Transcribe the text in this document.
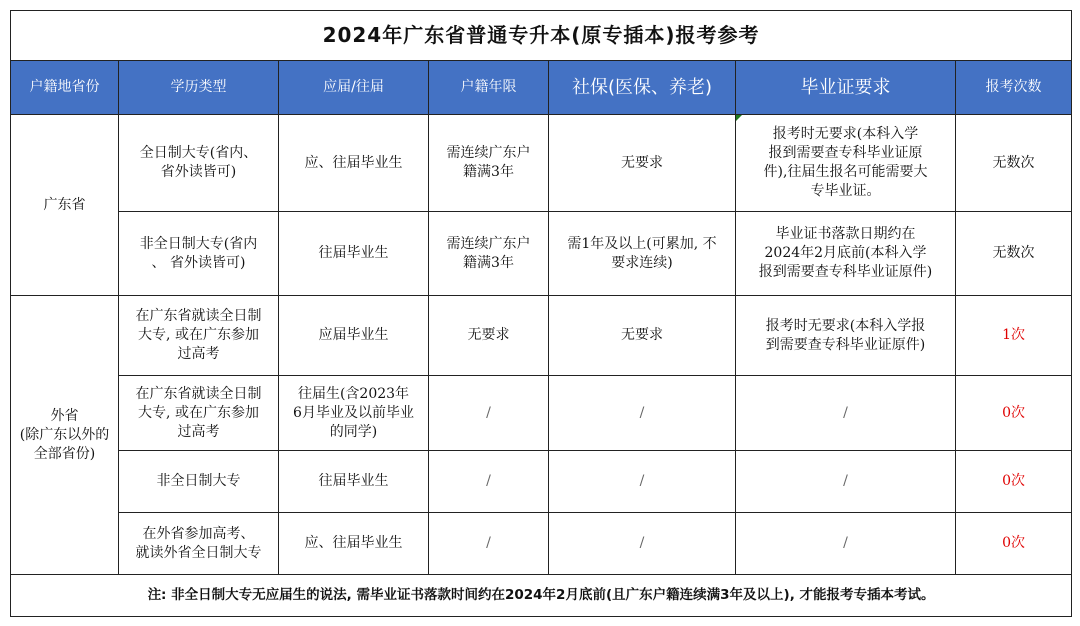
2024年广东省普通专升本(原专插本)报考参考						
户籍地省份	学历类型	应届/往届	户籍年限	社保(医保、养老)	毕业证要求	报考次数
广东省	全日制大专(省内、
省外读皆可)	应、往届毕业生	需连续广东户
籍满3年	无要求	报考时无要求(本科入学
报到需要查专科毕业证原
件),往届生报名可能需要大
专毕业证。	无数次
	非全日制大专(省内
、 省外读皆可)	往届毕业生	需连续广东户
籍满3年	需1年及以上(可累加, 不
要求连续)	毕业证书落款日期约在
2024年2月底前(本科入学
报到需要查专科毕业证原件)	无数次
外省
(除广东以外的全部省份)	在广东省就读全日制
大专, 或在广东参加
过高考	应届毕业生	无要求	无要求	报考时无要求(本科入学报
到需要查专科毕业证原件)	1次
	在广东省就读全日制
大专, 或在广东参加
过高考	往届生(含2023年
6月毕业及以前毕业
的同学)	/	/	/	0次
	非全日制大专	往届毕业生	/	/	/	0次
	在外省参加高考、
就读外省全日制大专	应、往届毕业生	/	/	/	0次
注: 非全日制大专无应届生的说法, 需毕业证书落款时间约在2024年2月底前(且广东户籍连续满3年及以上), 才能报考专插本考试。						
